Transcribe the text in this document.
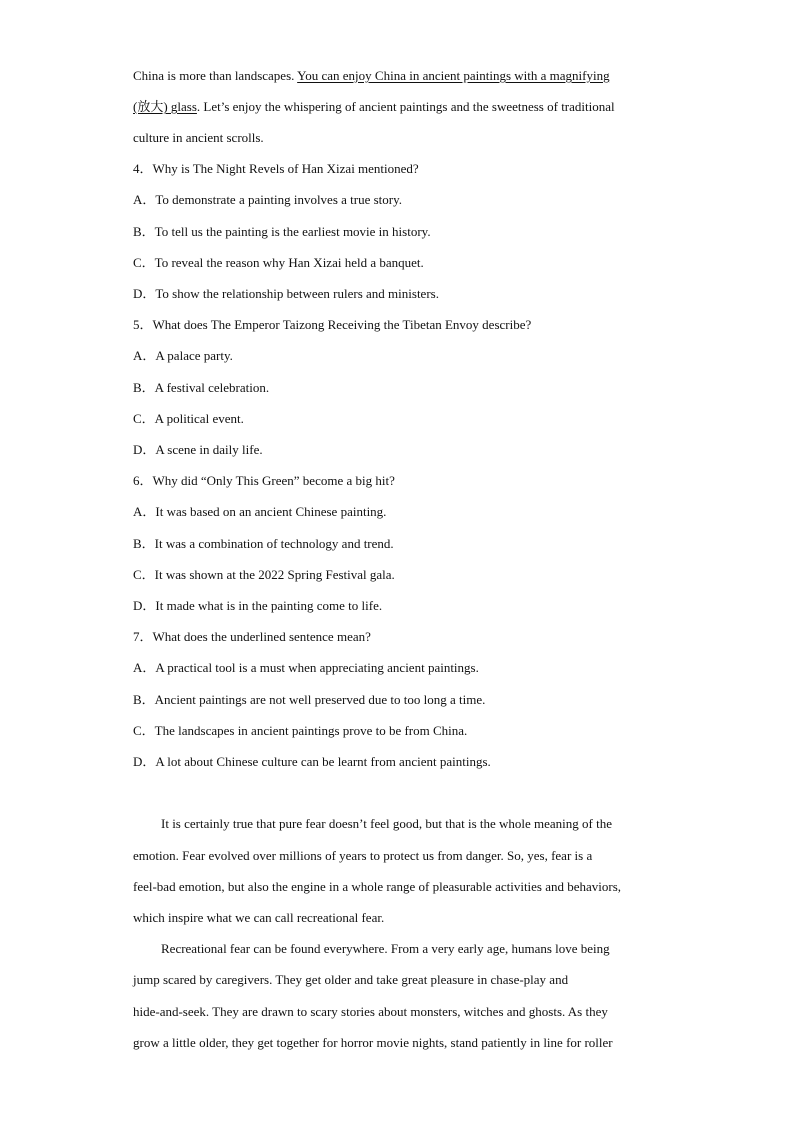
China is more than landscapes. You can enjoy China in ancient paintings with a magnifying
(放大) glass. Let’s enjoy the whispering of ancient paintings and the sweetness of traditional
culture in ancient scrolls.
4．Why is The Night Revels of Han Xizai mentioned?
A．To demonstrate a painting involves a true story.
B．To tell us the painting is the earliest movie in history.
C．To reveal the reason why Han Xizai held a banquet.
D．To show the relationship between rulers and ministers.
5．What does The Emperor Taizong Receiving the Tibetan Envoy describe?
A．A palace party.
B．A festival celebration.
C．A political event.
D．A scene in daily life.
6．Why did “Only This Green” become a big hit?
A．It was based on an ancient Chinese painting.
B．It was a combination of technology and trend.
C．It was shown at the 2022 Spring Festival gala.
D．It made what is in the painting come to life.
7．What does the underlined sentence mean?
A．A practical tool is a must when appreciating ancient paintings.
B．Ancient paintings are not well preserved due to too long a time.
C．The landscapes in ancient paintings prove to be from China.
D．A lot about Chinese culture can be learnt from ancient paintings.
It is certainly true that pure fear doesn’t feel good, but that is the whole meaning of the
emotion. Fear evolved over millions of years to protect us from danger. So, yes, fear is a
feel-bad emotion, but also the engine in a whole range of pleasurable activities and behaviors,
which inspire what we can call recreational fear.
Recreational fear can be found everywhere. From a very early age, humans love being
jump scared by caregivers. They get older and take great pleasure in chase-play and
hide-and-seek. They are drawn to scary stories about monsters, witches and ghosts. As they
grow a little older, they get together for horror movie nights, stand patiently in line for roller
